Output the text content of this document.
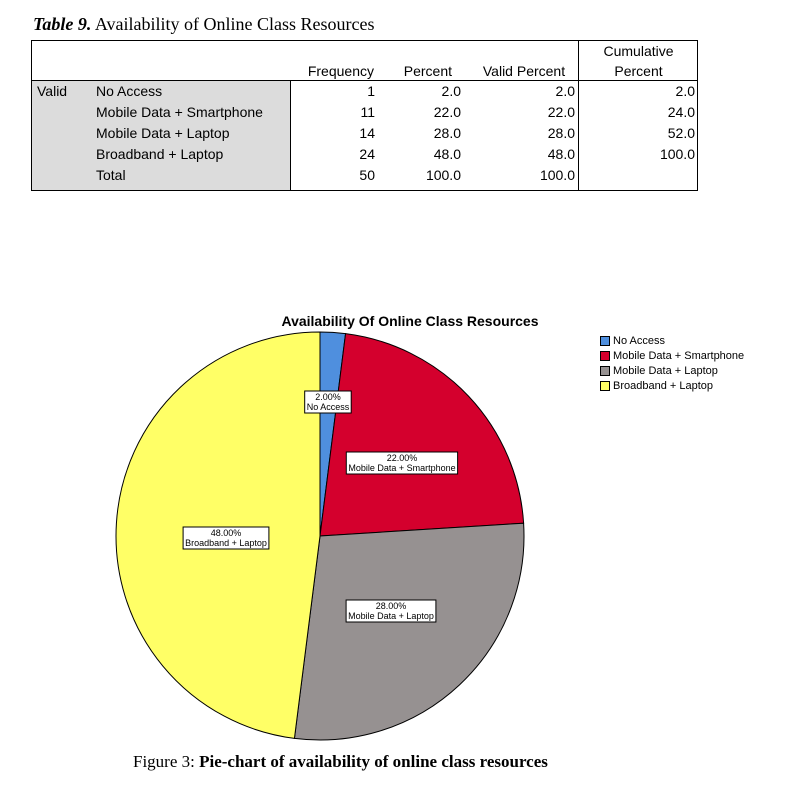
Table 9. Availability of Online Class Resources
Frequency	Percent	Valid Percent
Cumulative
Percent
Valid No Access	1	2.0	2.0	2.0
Mobile Data + Smartphone	11	22.0	22.0	24.0
Mobile Data + Laptop	14	28.0	28.0	52.0
Broadband + Laptop	24	48.0	48.0	100.0
Total	50	100.0	100.0
Availability Of Online Class Resources
2.00%
No Access
22.00%
Mobile Data + Smartphone
28.00%
Mobile Data + Laptop
48.00%
Broadband + Laptop
No Access
Mobile Data + Smartphone
Mobile Data + Laptop
Broadband + Laptop
Figure 3: Pie-chart of availability of online class resources
